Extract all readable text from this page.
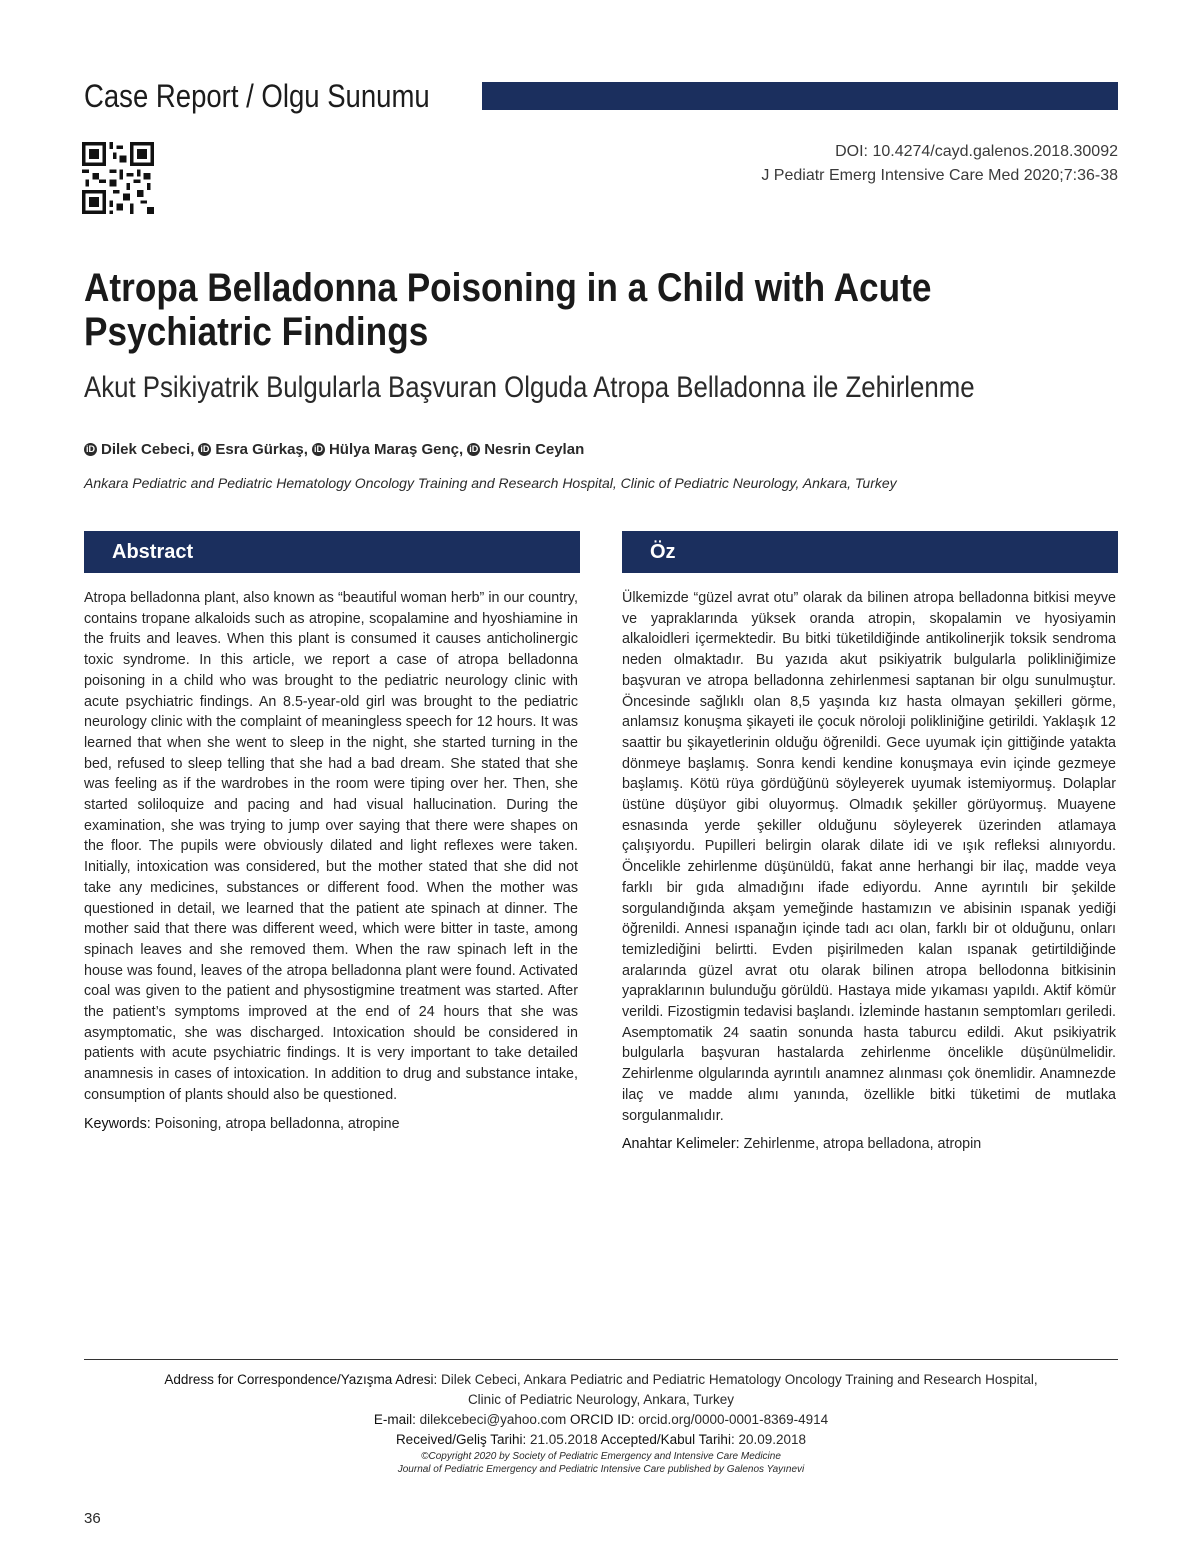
Case Report / Olgu Sunumu
DOI: 10.4274/cayd.galenos.2018.30092
J Pediatr Emerg Intensive Care Med 2020;7:36-38
Atropa Belladonna Poisoning in a Child with Acute Psychiatric Findings
Akut Psikiyatrik Bulgularla Başvuran Olguda Atropa Belladonna ile Zehirlenme
iD Dilek Cebeci, iD Esra Gürkaş, iD Hülya Maraş Genç, iD Nesrin Ceylan
Ankara Pediatric and Pediatric Hematology Oncology Training and Research Hospital, Clinic of Pediatric Neurology, Ankara, Turkey
Abstract	Öz
Atropa belladonna plant, also known as “beautiful woman herb” in our country, contains tropane alkaloids such as atropine, scopalamine and hyoshiamine in the fruits and leaves. When this plant is consumed it causes anticholinergic toxic syndrome. In this article, we report a case of atropa belladonna poisoning in a child who was brought to the pediatric neurology clinic with acute psychiatric findings. An 8.5-year-old girl was brought to the pediatric neurology clinic with the complaint of meaningless speech for 12 hours. It was learned that when she went to sleep in the night, she started turning in the bed, refused to sleep telling that she had a bad dream. She stated that she was feeling as if the wardrobes in the room were tiping over her. Then, she started soliloquize and pacing and had visual hallucination. During the examination, she was trying to jump over saying that there were shapes on the floor. The pupils were obviously dilated and light reflexes were taken. Initially, intoxication was considered, but the mother stated that she did not take any medicines, substances or different food. When the mother was questioned in detail, we learned that the patient ate spinach at dinner. The mother said that there was different weed, which were bitter in taste, among spinach leaves and she removed them. When the raw spinach left in the house was found, leaves of the atropa belladonna plant were found. Activated coal was given to the patient and physostigmine treatment was started. After the patient’s symptoms improved at the end of 24 hours that she was asymptomatic, she was discharged. Intoxication should be considered in patients with acute psychiatric findings. It is very important to take detailed anamnesis in cases of intoxication. In addition to drug and substance intake, consumption of plants should also be questioned.
Keywords: Poisoning, atropa belladonna, atropine
Ülkemizde “güzel avrat otu” olarak da bilinen atropa belladonna bitkisi meyve ve yapraklarında yüksek oranda atropin, skopalamin ve hyosiyamin alkaloidleri içermektedir. Bu bitki tüketildiğinde antikolinerjik toksik sendroma neden olmaktadır. Bu yazıda akut psikiyatrik bulgularla polikliniğimize başvuran ve atropa belladonna zehirlenmesi saptanan bir olgu sunulmuştur. Öncesinde sağlıklı olan 8,5 yaşında kız hasta olmayan şekilleri görme, anlamsız konuşma şikayeti ile çocuk nöroloji polikliniğine getirildi. Yaklaşık 12 saattir bu şikayetlerinin olduğu öğrenildi. Gece uyumak için gittiğinde yatakta dönmeye başlamış. Sonra kendi kendine konuşmaya evin içinde gezmeye başlamış. Kötü rüya gördüğünü söyleyerek uyumak istemiyormuş. Dolaplar üstüne düşüyor gibi oluyormuş. Olmadık şekiller görüyormuş. Muayene esnasında yerde şekiller olduğunu söyleyerek üzerinden atlamaya çalışıyordu. Pupilleri belirgin olarak dilate idi ve ışık refleksi alınıyordu. Öncelikle zehirlenme düşünüldü, fakat anne herhangi bir ilaç, madde veya farklı bir gıda almadığını ifade ediyordu. Anne ayrıntılı bir şekilde sorgulandığında akşam yemeğinde hastamızın ve abisinin ıspanak yediği öğrenildi. Annesi ıspanağın içinde tadı acı olan, farklı bir ot olduğunu, onları temizlediğini belirtti. Evden pişirilmeden kalan ıspanak getirtildiğinde aralarında güzel avrat otu olarak bilinen atropa bellodonna bitkisinin yapraklarının bulunduğu görüldü. Hastaya mide yıkaması yapıldı. Aktif kömür verildi. Fizostigmin tedavisi başlandı. İzleminde hastanın semptomları geriledi. Asemptomatik 24 saatin sonunda hasta taburcu edildi. Akut psikiyatrik bulgularla başvuran hastalarda zehirlenme öncelikle düşünülmelidir. Zehirlenme olgularında ayrıntılı anamnez alınması çok önemlidir. Anamnezde ilaç ve madde alımı yanında, özellikle bitki tüketimi de mutlaka sorgulanmalıdır.
Anahtar Kelimeler: Zehirlenme, atropa belladona, atropin
Address for Correspondence/Yazışma Adresi: Dilek Cebeci, Ankara Pediatric and Pediatric Hematology Oncology Training and Research Hospital,
Clinic of Pediatric Neurology, Ankara, Turkey
E-mail: dilekcebeci@yahoo.com ORCID ID: orcid.org/0000-0001-8369-4914
Received/Geliş Tarihi: 21.05.2018 Accepted/Kabul Tarihi: 20.09.2018
©Copyright 2020 by Society of Pediatric Emergency and Intensive Care Medicine
Journal of Pediatric Emergency and Pediatric Intensive Care published by Galenos Yayınevi
36
